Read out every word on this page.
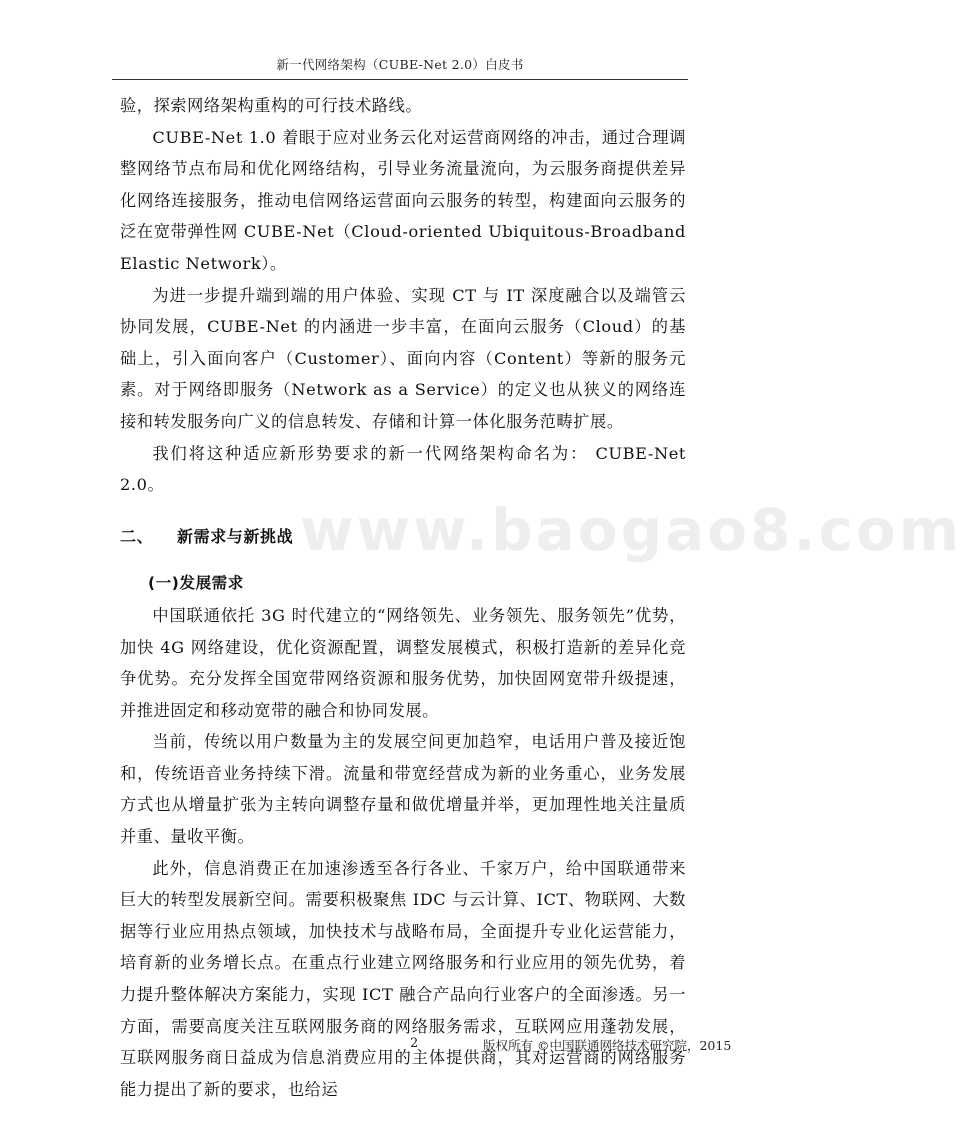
新一代网络架构（CUBE-Net 2.0）白皮书

验，探索网络架构重构的可行技术路线。

CUBE-Net 1.0 着眼于应对业务云化对运营商网络的冲击，通过合理调整网络节点布局和优化网络结构，引导业务流量流向，为云服务商提供差异化网络连接服务，推动电信网络运营面向云服务的转型，构建面向云服务的泛在宽带弹性网 CUBE-Net（Cloud-oriented Ubiquitous-Broadband Elastic Network）。

为进一步提升端到端的用户体验、实现 CT 与 IT 深度融合以及端管云协同发展，CUBE-Net 的内涵进一步丰富，在面向云服务（Cloud）的基础上，引入面向客户（Customer）、面向内容（Content）等新的服务元素。对于网络即服务（Network as a Service）的定义也从狭义的网络连接和转发服务向广义的信息转发、存储和计算一体化服务范畴扩展。

我们将这种适应新形势要求的新一代网络架构命名为： CUBE-Net 2.0。

二、	新需求与新挑战

(一)发展需求

中国联通依托 3G 时代建立的“网络领先、业务领先、服务领先”优势，加快 4G 网络建设，优化资源配置，调整发展模式，积极打造新的差异化竞争优势。充分发挥全国宽带网络资源和服务优势，加快固网宽带升级提速，并推进固定和移动宽带的融合和协同发展。

当前，传统以用户数量为主的发展空间更加趋窄，电话用户普及接近饱和，传统语音业务持续下滑。流量和带宽经营成为新的业务重心，业务发展方式也从增量扩张为主转向调整存量和做优增量并举，更加理性地关注量质并重、量收平衡。

此外，信息消费正在加速渗透至各行各业、千家万户，给中国联通带来巨大的转型发展新空间。需要积极聚焦 IDC 与云计算、ICT、物联网、大数据等行业应用热点领域，加快技术与战略布局，全面提升专业化运营能力，培育新的业务增长点。在重点行业建立网络服务和行业应用的领先优势，着力提升整体解决方案能力，实现 ICT 融合产品向行业客户的全面渗透。另一方面，需要高度关注互联网服务商的网络服务需求，互联网应用蓬勃发展，互联网服务商日益成为信息消费应用的主体提供商，其对运营商的网络服务能力提出了新的要求，也给运

www.baogao8.com
2	版权所有 ©中国联通网络技术研究院，2015
